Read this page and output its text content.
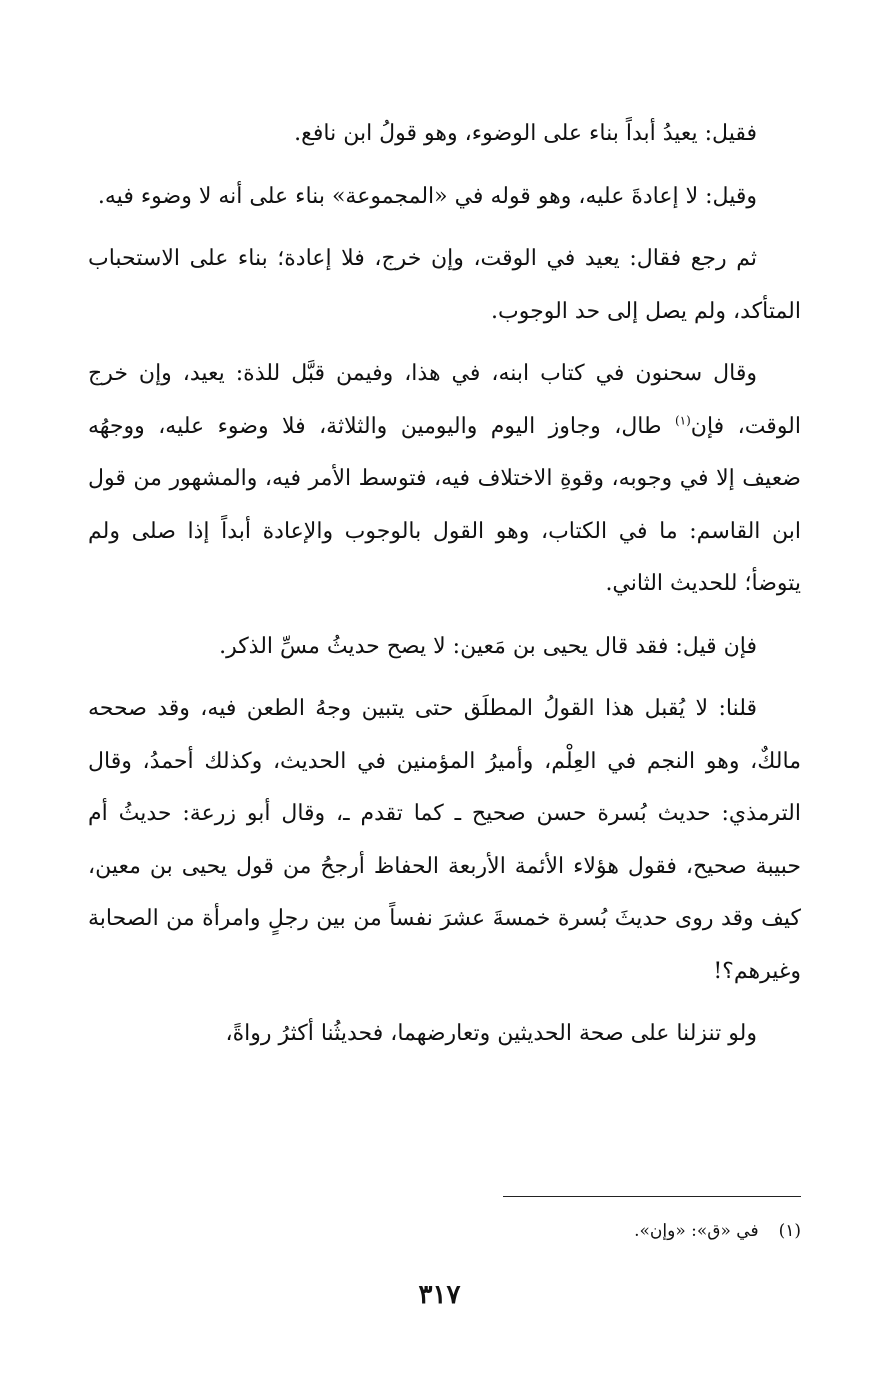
فقيل: يعيدُ أبداً بناء على الوضوء، وهو قولُ ابن نافع.

وقيل: لا إعادةَ عليه، وهو قوله في «المجموعة» بناء على أنه لا وضوء فيه.

ثم رجع فقال: يعيد في الوقت، وإن خرج، فلا إعادة؛ بناء على الاستحباب المتأكد، ولم يصل إلى حد الوجوب.

وقال سحنون في كتاب ابنه، في هذا، وفيمن قبَّل للذة: يعيد، وإن خرج الوقت، فإن$^{(١)}$ طال، وجاوز اليوم واليومين والثلاثة، فلا وضوء عليه، ووجهُه ضعيف إلا في وجوبه، وقوةِ الاختلاف فيه، فتوسط الأمر فيه، والمشهور من قول ابن القاسم: ما في الكتاب، وهو القول بالوجوب والإعادة أبداً إذا صلى ولم يتوضأ؛ للحديث الثاني.

فإن قيل: فقد قال يحيى بن مَعين: لا يصح حديثُ مسِّ الذكر.

قلنا: لا يُقبل هذا القولُ المطلَق حتى يتبين وجهُ الطعن فيه، وقد صححه مالكٌ، وهو النجم في العِلْم، وأميرُ المؤمنين في الحديث، وكذلك أحمدُ، وقال الترمذي: حديث بُسرة حسن صحيح ـ كما تقدم ـ، وقال أبو زرعة: حديثُ أم حبيبة صحيح، فقول هؤلاء الأئمة الأربعة الحفاظ أرجحُ من قول يحيى بن معين، كيف وقد روى حديثَ بُسرة خمسةَ عشرَ نفساً من بين رجلٍ وامرأة من الصحابة وغيرهم؟!

ولو تنزلنا على صحة الحديثين وتعارضهما، فحديثُنا أكثرُ رواةً،

(١)في «ق»: «وإن».
٣١٧
